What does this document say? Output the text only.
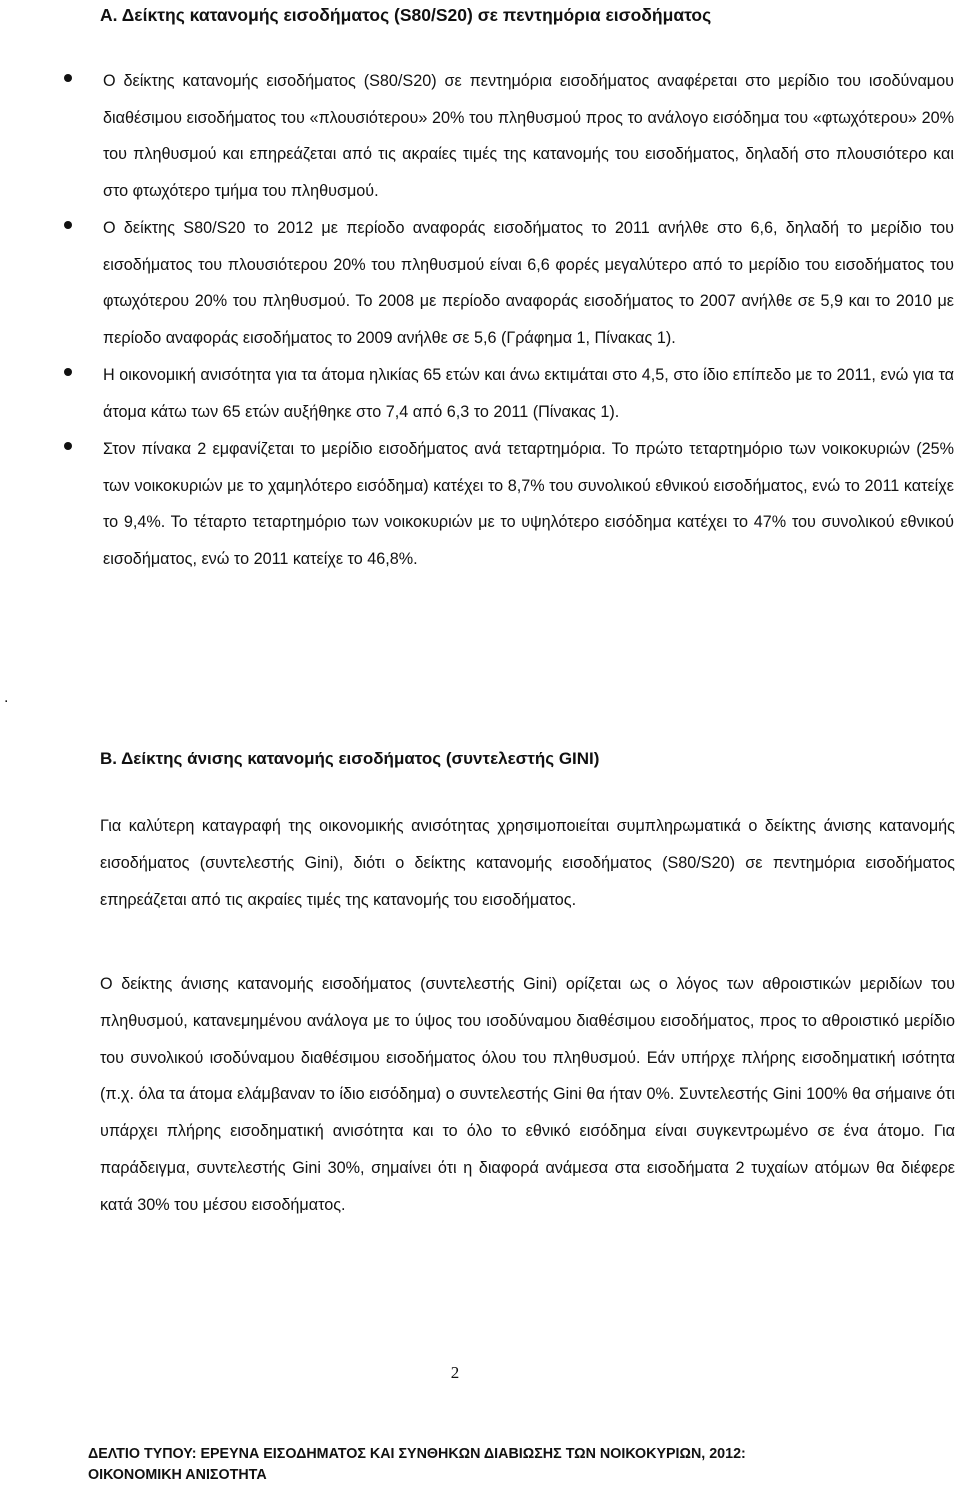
Α. Δείκτης κατανομής εισοδήματος (S80/S20) σε πεντημόρια εισοδήματος
Ο δείκτης κατανομής εισοδήματος (S80/S20) σε πεντημόρια εισοδήματος αναφέρεται στο μερίδιο του ισοδύναμου διαθέσιμου εισοδήματος του «πλουσιότερου» 20% του πληθυσμού προς το ανάλογο εισόδημα του «φτωχότερου» 20% του πληθυσμού και επηρεάζεται από τις ακραίες τιμές της κατανομής του εισοδήματος, δηλαδή στο πλουσιότερο και στο φτωχότερο τμήμα του πληθυσμού.
Ο δείκτης S80/S20 το 2012 με περίοδο αναφοράς εισοδήματος το 2011 ανήλθε στο 6,6, δηλαδή το μερίδιο του εισοδήματος του πλουσιότερου 20% του πληθυσμού είναι 6,6 φορές μεγαλύτερο από το μερίδιο του εισοδήματος του φτωχότερου 20% του πληθυσμού. Το 2008 με περίοδο αναφοράς εισοδήματος το 2007 ανήλθε σε 5,9 και το 2010 με περίοδο αναφοράς εισοδήματος το 2009 ανήλθε σε 5,6 (Γράφημα 1, Πίνακας 1).
Η οικονομική ανισότητα για τα άτομα ηλικίας 65 ετών και άνω εκτιμάται στο 4,5, στο ίδιο επίπεδο με το 2011, ενώ για τα άτομα κάτω των 65 ετών αυξήθηκε στο 7,4 από 6,3 το 2011 (Πίνακας 1).
Στον πίνακα 2 εμφανίζεται το μερίδιο εισοδήματος ανά τεταρτημόρια. Το πρώτο τεταρτημόριο των νοικοκυριών (25% των νοικοκυριών με το χαμηλότερο εισόδημα) κατέχει το 8,7% του συνολικού εθνικού εισοδήματος, ενώ το 2011 κατείχε το 9,4%. Το τέταρτο τεταρτημόριο των νοικοκυριών με το υψηλότερο εισόδημα κατέχει το 47% του συνολικού εθνικού εισοδήματος, ενώ το 2011 κατείχε το 46,8%.
.
Β. Δείκτης άνισης κατανομής εισοδήματος (συντελεστής GINI)

Για καλύτερη καταγραφή της οικονομικής ανισότητας χρησιμοποιείται συμπληρωματικά ο δείκτης άνισης κατανομής εισοδήματος (συντελεστής Gini), διότι ο δείκτης κατανομής εισοδήματος (S80/S20) σε πεντημόρια εισοδήματος επηρεάζεται από τις ακραίες τιμές της κατανομής του εισοδήματος.

Ο δείκτης άνισης κατανομής εισοδήματος (συντελεστής Gini) ορίζεται ως ο λόγος των αθροιστικών μεριδίων του πληθυσμού, κατανεμημένου ανάλογα με το ύψος του ισοδύναμου διαθέσιμου εισοδήματος, προς το αθροιστικό μερίδιο του συνολικού ισοδύναμου διαθέσιμου εισοδήματος όλου του πληθυσμού. Εάν υπήρχε πλήρης εισοδηματική ισότητα (π.χ. όλα τα άτομα ελάμβαναν το ίδιο εισόδημα) ο συντελεστής Gini θα ήταν 0%. Συντελεστής Gini 100% θα σήμαινε ότι υπάρχει πλήρης εισοδηματική ανισότητα και το όλο το εθνικό εισόδημα είναι συγκεντρωμένο σε ένα άτομο. Για παράδειγμα, συντελεστής Gini 30%, σημαίνει ότι η διαφορά ανάμεσα στα εισοδήματα 2 τυχαίων ατόμων θα διέφερε κατά 30% του μέσου εισοδήματος.

2
ΔΕΛΤΙΟ ΤΥΠΟΥ: ΕΡΕΥΝΑ ΕΙΣΟΔΗΜΑΤΟΣ ΚΑΙ ΣΥΝΘΗΚΩΝ ΔΙΑΒΙΩΣΗΣ ΤΩΝ ΝΟΙΚΟΚΥΡΙΩΝ, 2012:
ΟΙΚΟΝΟΜΙΚΗ ΑΝΙΣΟΤΗΤΑ
